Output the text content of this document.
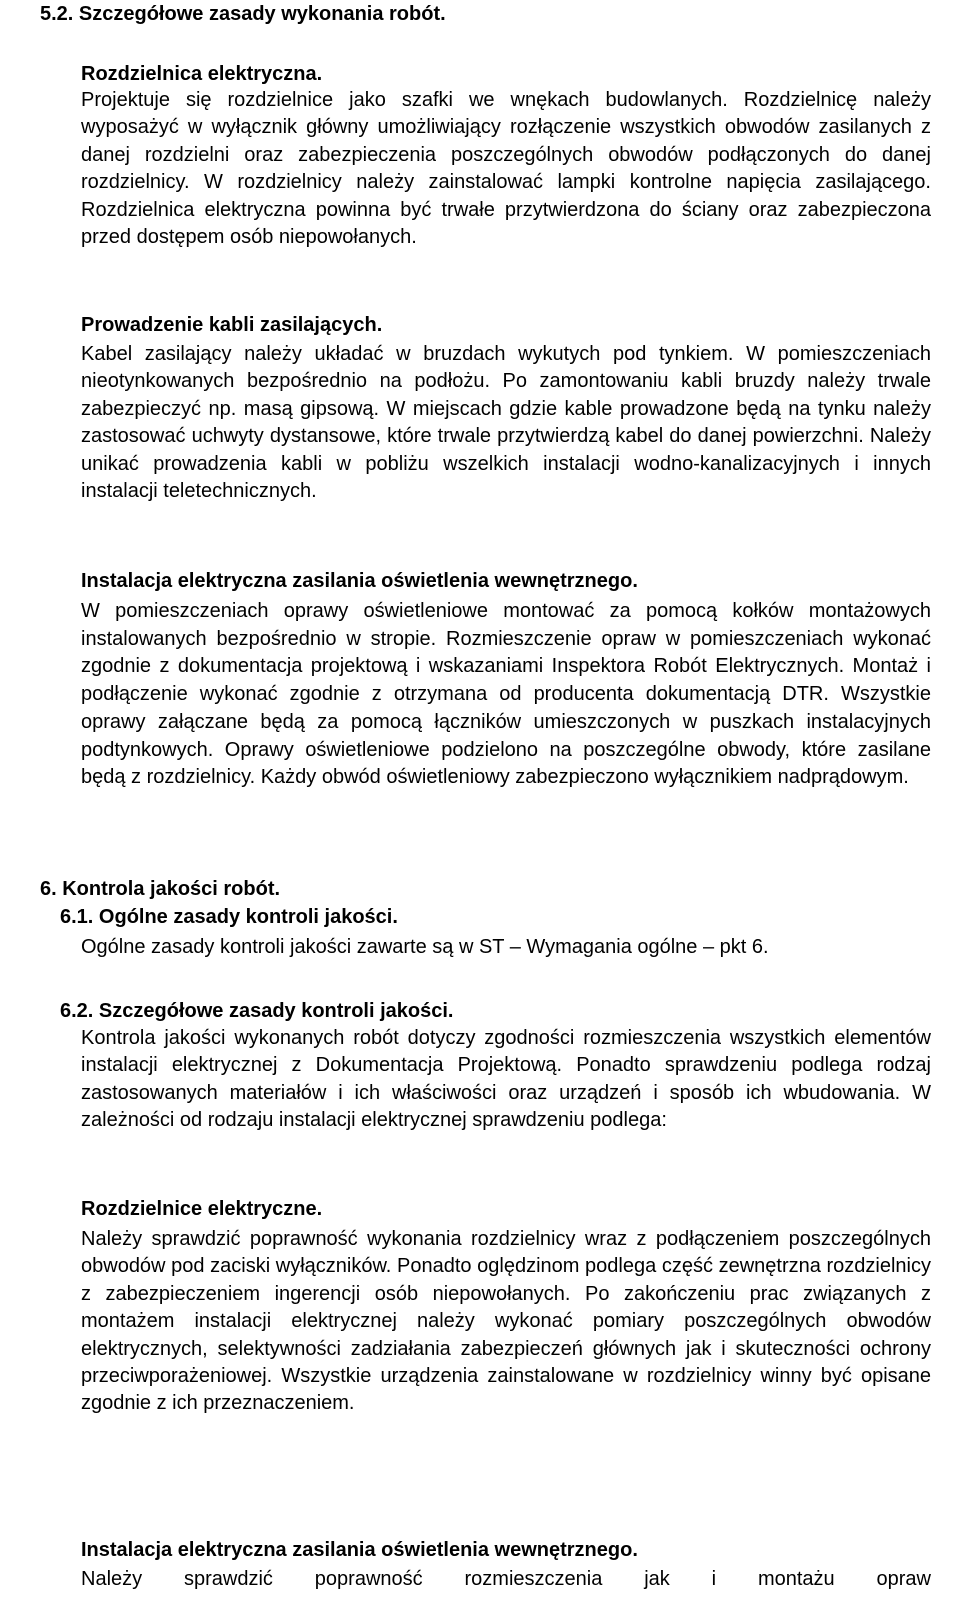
5.2. Szczegółowe zasady wykonania robót.
Rozdzielnica elektryczna.

Projektuje się rozdzielnice jako szafki we wnękach budowlanych. Rozdzielnicę należy wyposażyć w wyłącznik główny umożliwiający rozłączenie wszystkich obwodów zasilanych z danej rozdzielni oraz zabezpieczenia poszczególnych obwodów podłączonych do danej rozdzielnicy. W rozdzielnicy należy zainstalować lampki kontrolne napięcia zasilającego. Rozdzielnica elektryczna powinna być trwałe przytwierdzona do ściany oraz zabezpieczona przed dostępem osób niepowołanych.

Prowadzenie kabli zasilających.

Kabel zasilający należy układać w bruzdach wykutych pod tynkiem. W pomieszczeniach nieotynkowanych bezpośrednio na podłożu. Po zamontowaniu kabli bruzdy należy trwale zabezpieczyć np. masą gipsową. W miejscach gdzie kable prowadzone będą na tynku należy zastosować uchwyty dystansowe, które trwale przytwierdzą kabel do danej powierzchni. Należy unikać prowadzenia kabli w pobliżu wszelkich instalacji wodno-kanalizacyjnych i innych instalacji teletechnicznych.

Instalacja elektryczna zasilania oświetlenia wewnętrznego.

W pomieszczeniach oprawy oświetleniowe montować za pomocą kołków montażowych instalowanych bezpośrednio w stropie. Rozmieszczenie opraw w pomieszczeniach wykonać zgodnie z dokumentacja projektową i wskazaniami Inspektora Robót Elektrycznych. Montaż i podłączenie wykonać zgodnie z otrzymana od producenta dokumentacją DTR. Wszystkie oprawy załączane będą za pomocą łączników umieszczonych w puszkach instalacyjnych podtynkowych. Oprawy oświetleniowe podzielono na poszczególne obwody, które zasilane będą z rozdzielnicy. Każdy obwód oświetleniowy zabezpieczono wyłącznikiem nadprądowym.

6. Kontrola jakości robót.
6.1. Ogólne zasady kontroli jakości.

Ogólne zasady kontroli jakości zawarte są w ST – Wymagania ogólne – pkt 6.

6.2. Szczegółowe zasady kontroli jakości.

Kontrola jakości wykonanych robót dotyczy zgodności rozmieszczenia wszystkich elementów instalacji elektrycznej z Dokumentacja Projektową. Ponadto sprawdzeniu podlega rodzaj zastosowanych materiałów i ich właściwości oraz urządzeń i sposób ich wbudowania. W zależności od rodzaju instalacji elektrycznej sprawdzeniu podlega:

Rozdzielnice elektryczne.

Należy sprawdzić poprawność wykonania rozdzielnicy wraz z podłączeniem poszczególnych obwodów pod zaciski wyłączników. Ponadto oględzinom podlega część zewnętrzna rozdzielnicy z zabezpieczeniem ingerencji osób niepowołanych. Po zakończeniu prac związanych z montażem instalacji elektrycznej należy wykonać pomiary poszczególnych obwodów elektrycznych, selektywności zadziałania zabezpieczeń głównych jak i skuteczności ochrony przeciwporażeniowej. Wszystkie urządzenia zainstalowane w rozdzielnicy winny być opisane zgodnie z ich przeznaczeniem.

Instalacja elektryczna zasilania oświetlenia wewnętrznego.

Należy sprawdzić poprawność rozmieszczenia jak i montażu opraw
